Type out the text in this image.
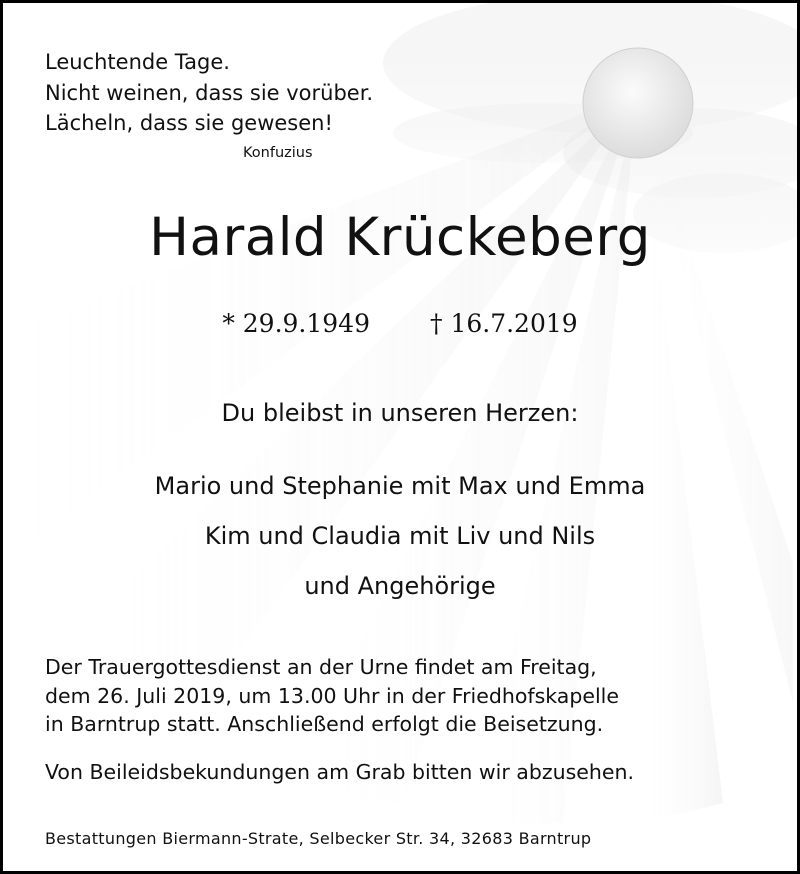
Leuchtende Tage.
Nicht weinen, dass sie vorüber.
Lächeln, dass sie gewesen!
Konfuzius
Harald Krückeberg
* 29.9.1949 † 16.7.2019
Du bleibst in unseren Herzen:
Mario und Stephanie mit Max und Emma
Kim und Claudia mit Liv und Nils
und Angehörige
Der Trauergottesdienst an der Urne findet am Freitag,
dem 26. Juli 2019, um 13.00 Uhr in der Friedhofskapelle
in Barntrup statt. Anschließend erfolgt die Beisetzung.
Von Beileidsbekundungen am Grab bitten wir abzusehen.
Bestattungen Biermann-Strate, Selbecker Str. 34, 32683 Barntrup
